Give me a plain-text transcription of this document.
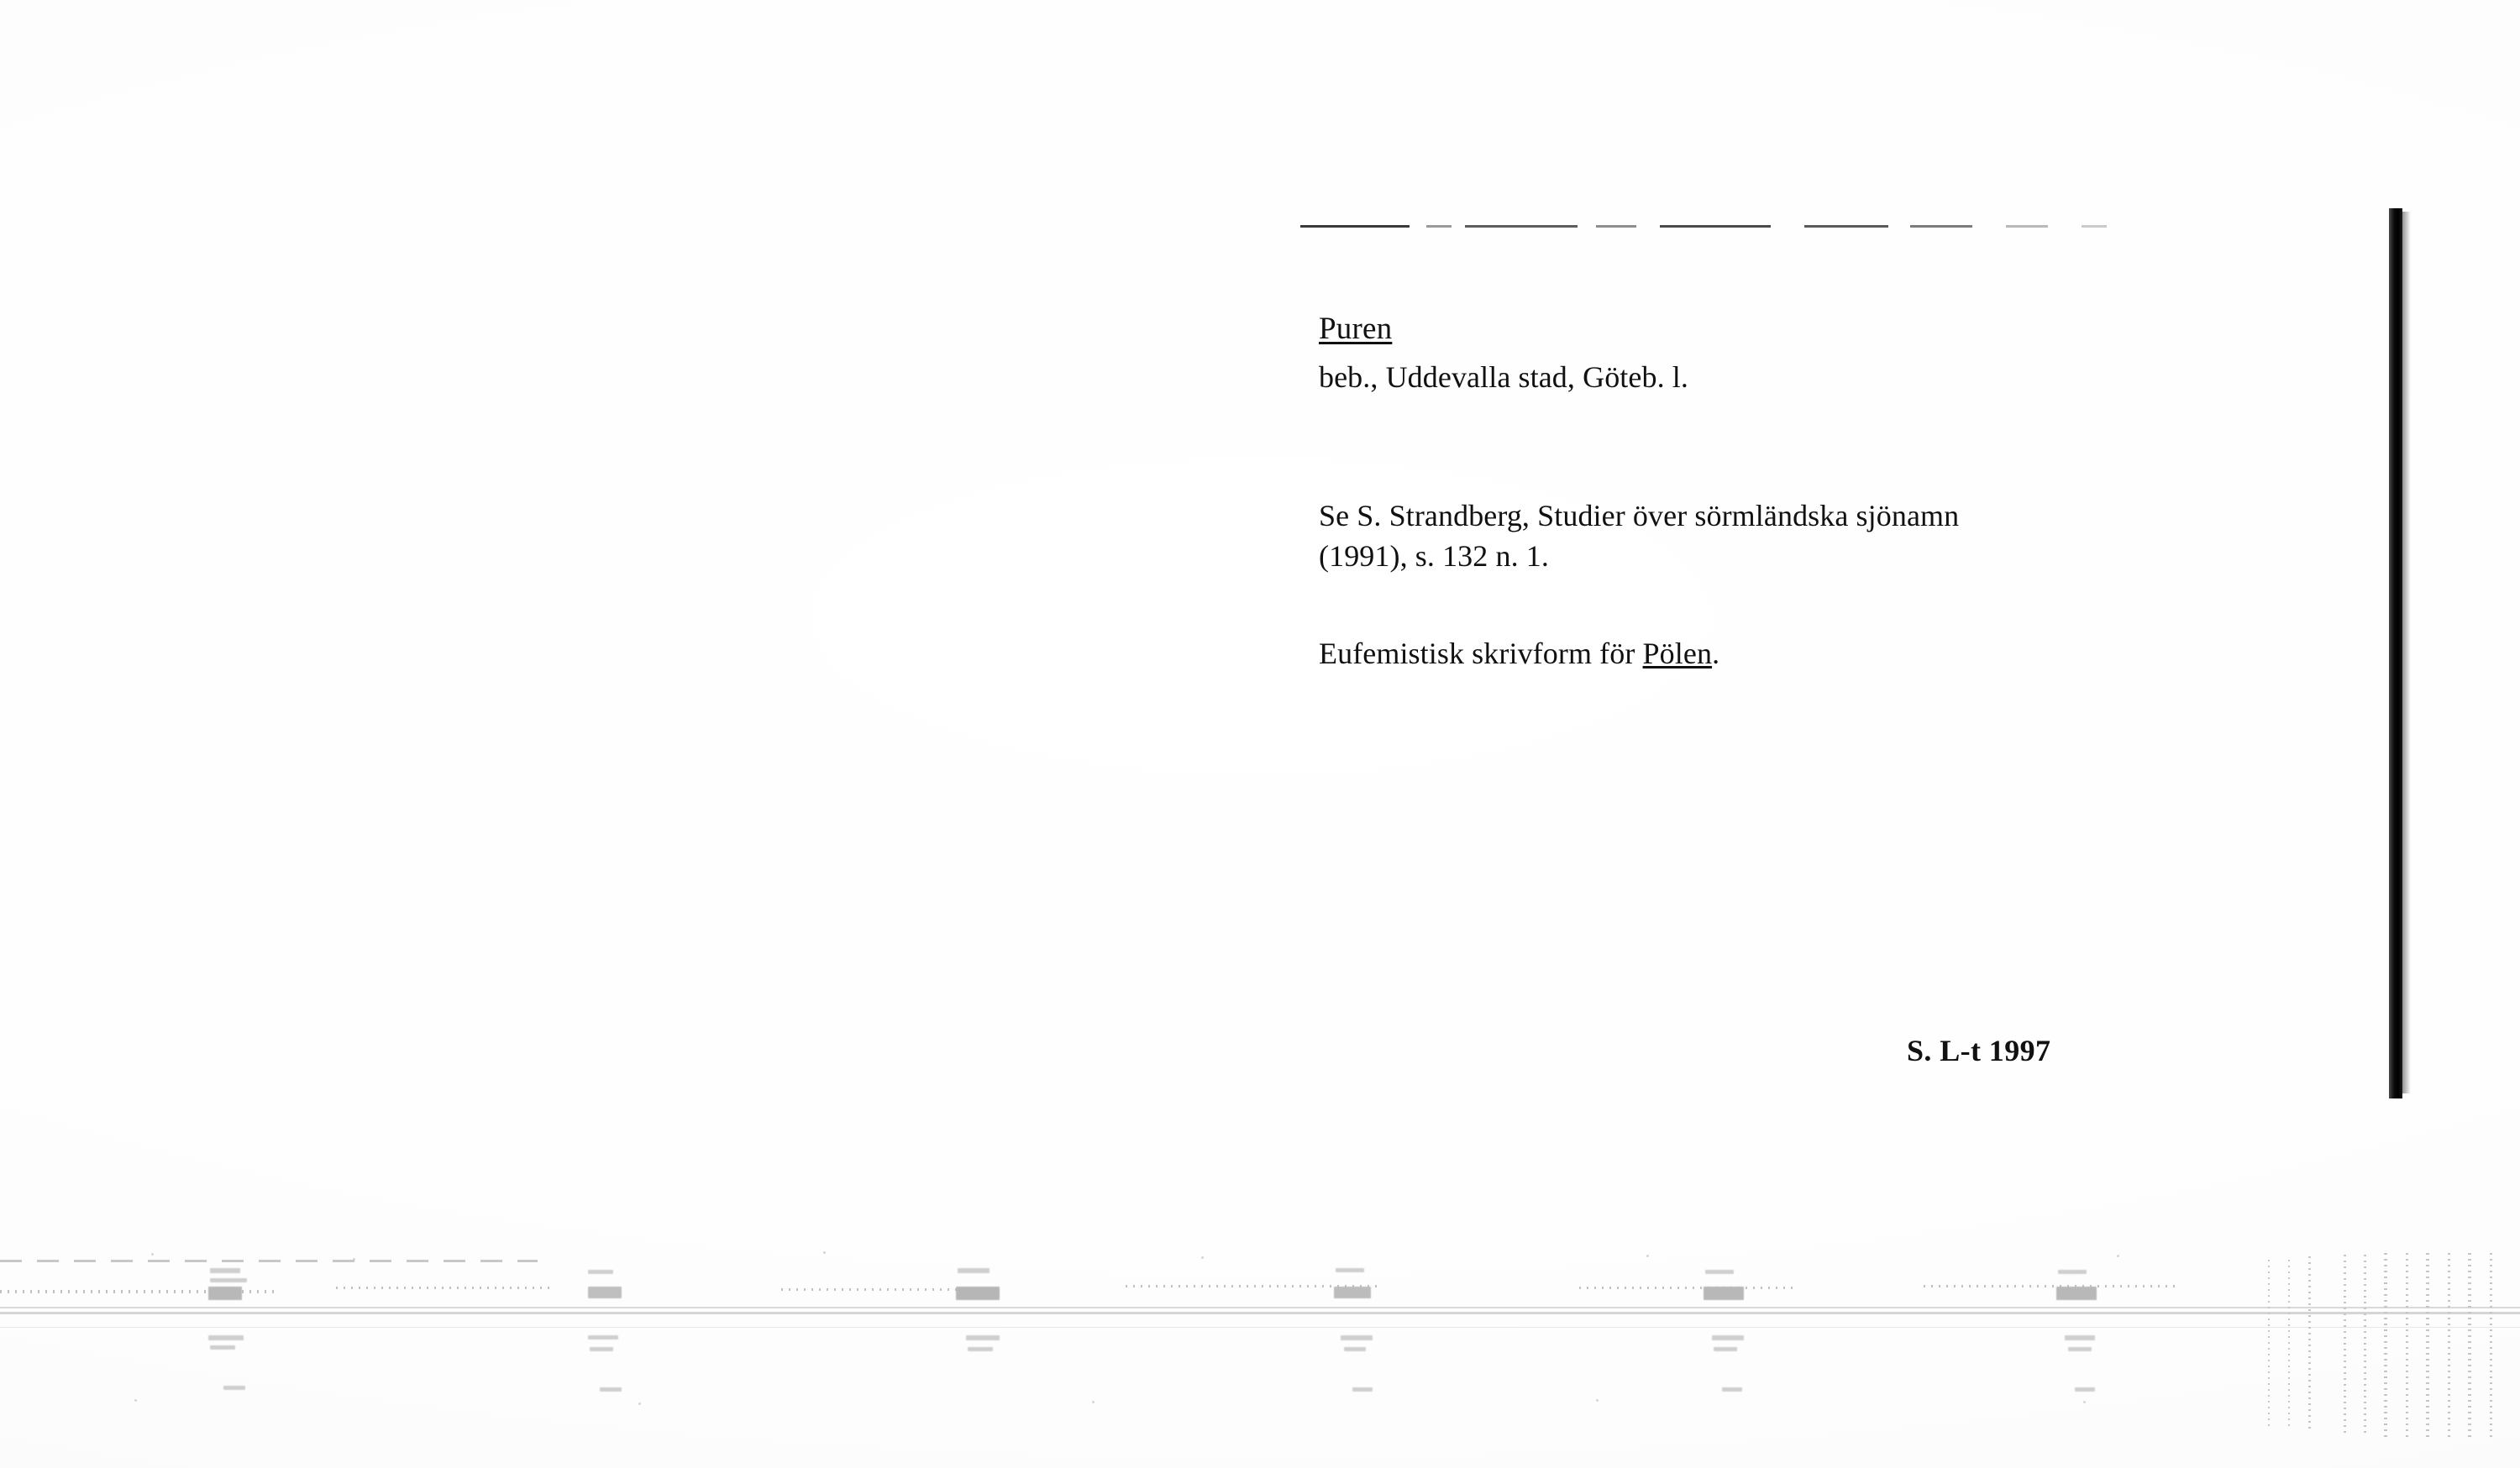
Puren
beb., Uddevalla stad, Göteb. l.
Se S. Strandberg, Studier över sörmländska sjönamn
(1991), s. 132 n. 1.
Eufemistisk skrivform för Pölen.
S. L-t 1997
